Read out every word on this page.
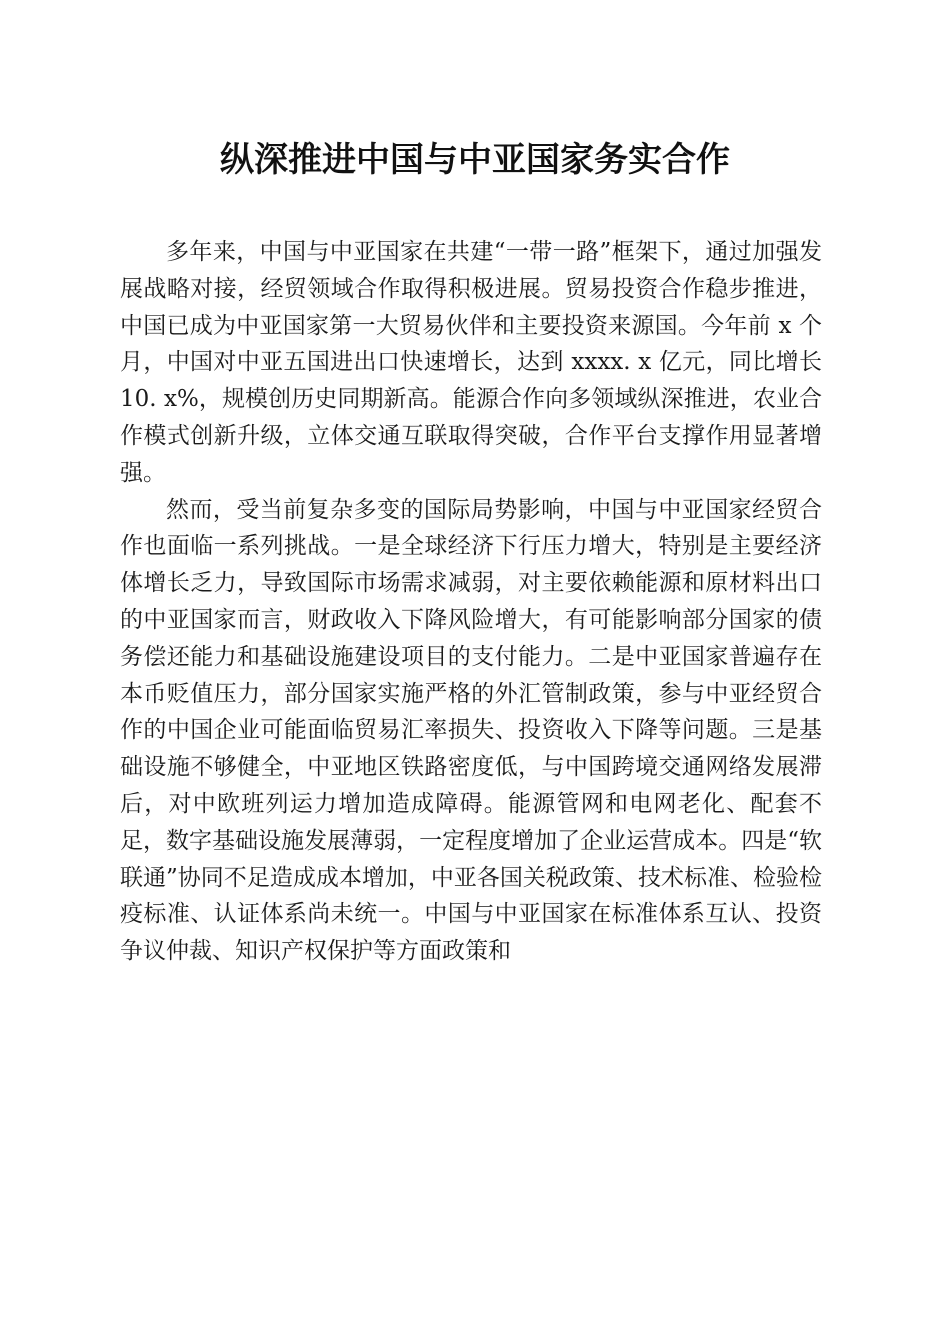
纵深推进中国与中亚国家务实合作

多年来，中国与中亚国家在共建“一带一路”框架下，通过加强发展战略对接，经贸领域合作取得积极进展。贸易投资合作稳步推进，中国已成为中亚国家第一大贸易伙伴和主要投资来源国。今年前 x 个月，中国对中亚五国进出口快速增长，达到 xxxx. x 亿元，同比增长 10. x%，规模创历史同期新高。能源合作向多领域纵深推进，农业合作模式创新升级，立体交通互联取得突破，合作平台支撑作用显著增强。

然而，受当前复杂多变的国际局势影响，中国与中亚国家经贸合作也面临一系列挑战。一是全球经济下行压力增大，特别是主要经济体增长乏力，导致国际市场需求减弱，对主要依赖能源和原材料出口的中亚国家而言，财政收入下降风险增大，有可能影响部分国家的债务偿还能力和基础设施建设项目的支付能力。二是中亚国家普遍存在本币贬值压力，部分国家实施严格的外汇管制政策，参与中亚经贸合作的中国企业可能面临贸易汇率损失、投资收入下降等问题。三是基础设施不够健全，中亚地区铁路密度低，与中国跨境交通网络发展滞后，对中欧班列运力增加造成障碍。能源管网和电网老化、配套不足，数字基础设施发展薄弱，一定程度增加了企业运营成本。四是“软联通”协同不足造成成本增加，中亚各国关税政策、技术标准、检验检疫标准、认证体系尚未统一。中国与中亚国家在标准体系互认、投资争议仲裁、知识产权保护等方面政策和
